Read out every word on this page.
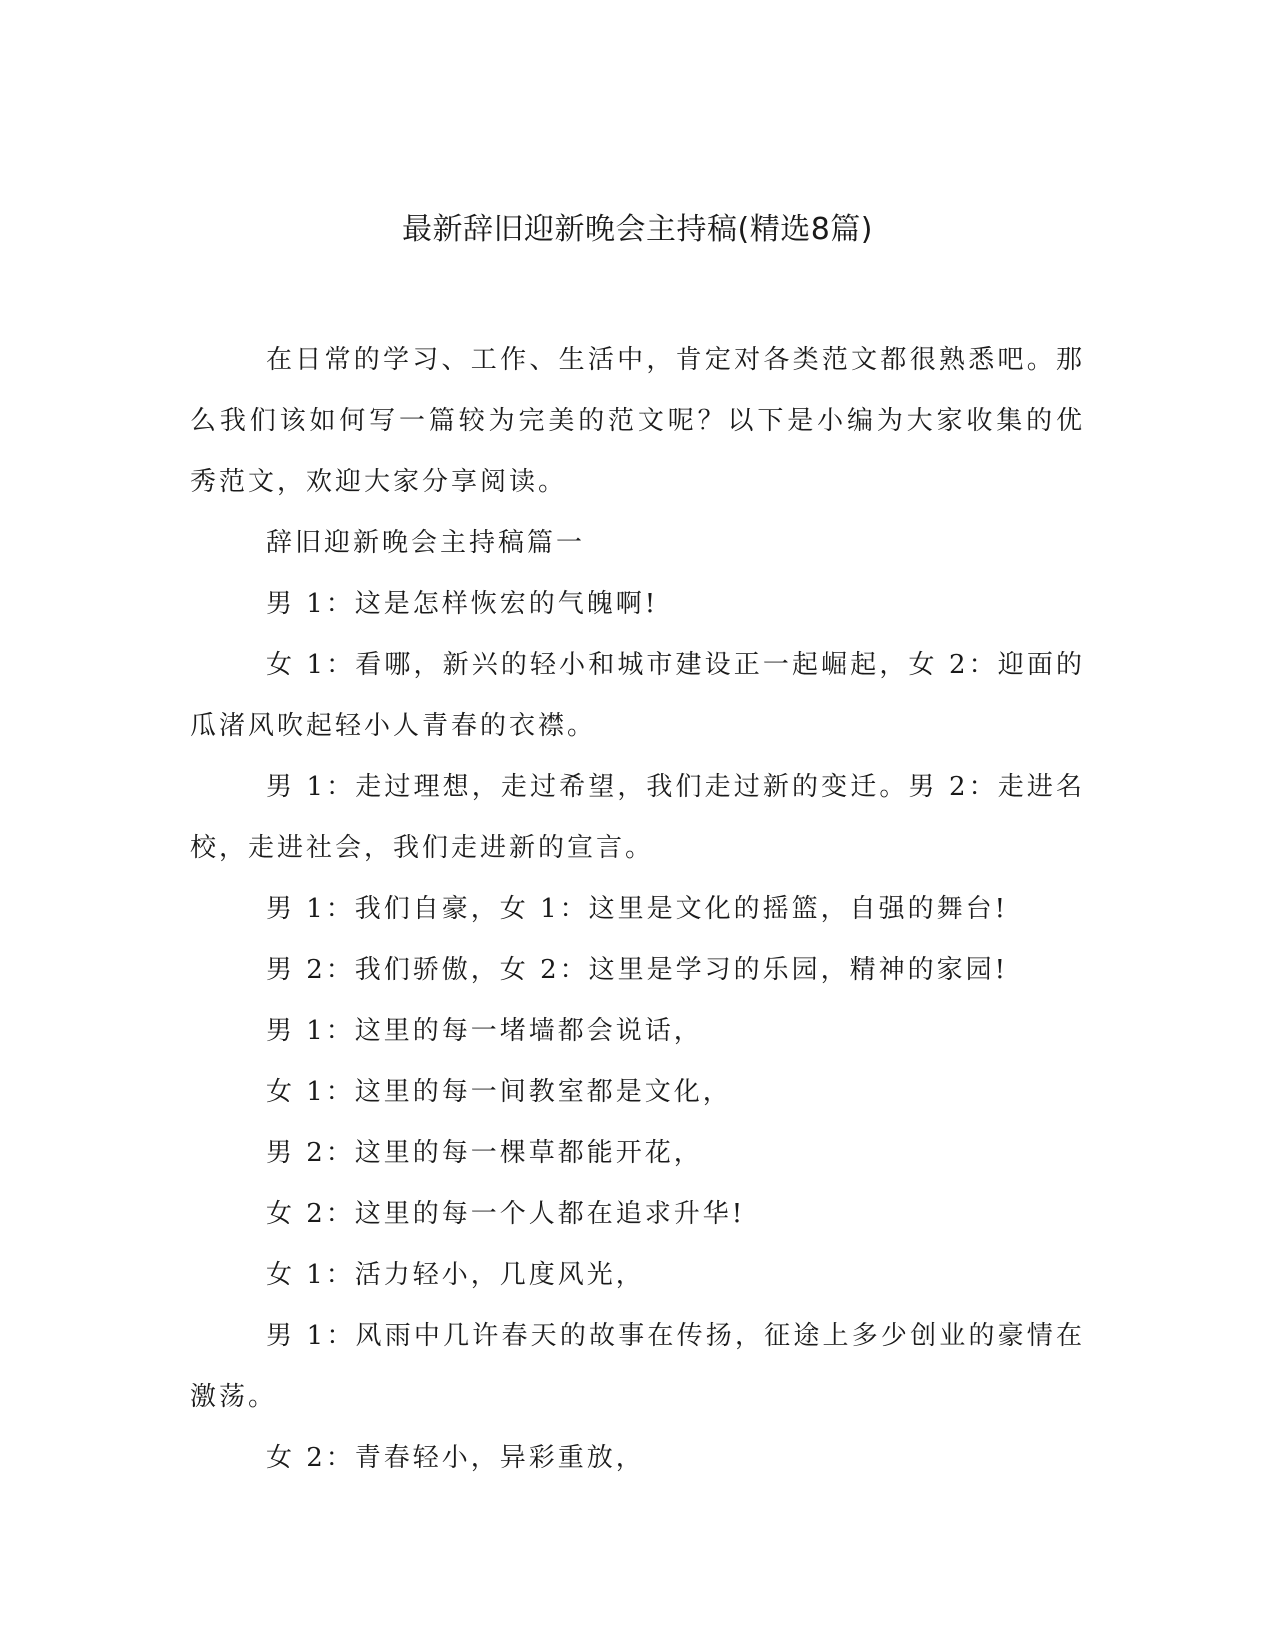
最新辞旧迎新晚会主持稿(精选8篇)

在日常的学习、工作、生活中，肯定对各类范文都很熟悉吧。那么我们该如何写一篇较为完美的范文呢？以下是小编为大家收集的优秀范文，欢迎大家分享阅读。

辞旧迎新晚会主持稿篇一

男 1：这是怎样恢宏的气魄啊!

女 1：看哪，新兴的轻小和城市建设正一起崛起，女 2：迎面的瓜渚风吹起轻小人青春的衣襟。

男 1：走过理想，走过希望，我们走过新的变迁。男 2：走进名校，走进社会，我们走进新的宣言。

男 1：我们自豪，女 1：这里是文化的摇篮，自强的舞台!

男 2：我们骄傲，女 2：这里是学习的乐园，精神的家园!

男 1：这里的每一堵墙都会说话，

女 1：这里的每一间教室都是文化，

男 2：这里的每一棵草都能开花，

女 2：这里的每一个人都在追求升华!

女 1：活力轻小，几度风光，

男 1：风雨中几许春天的故事在传扬，征途上多少创业的豪情在激荡。

女 2：青春轻小，异彩重放，
